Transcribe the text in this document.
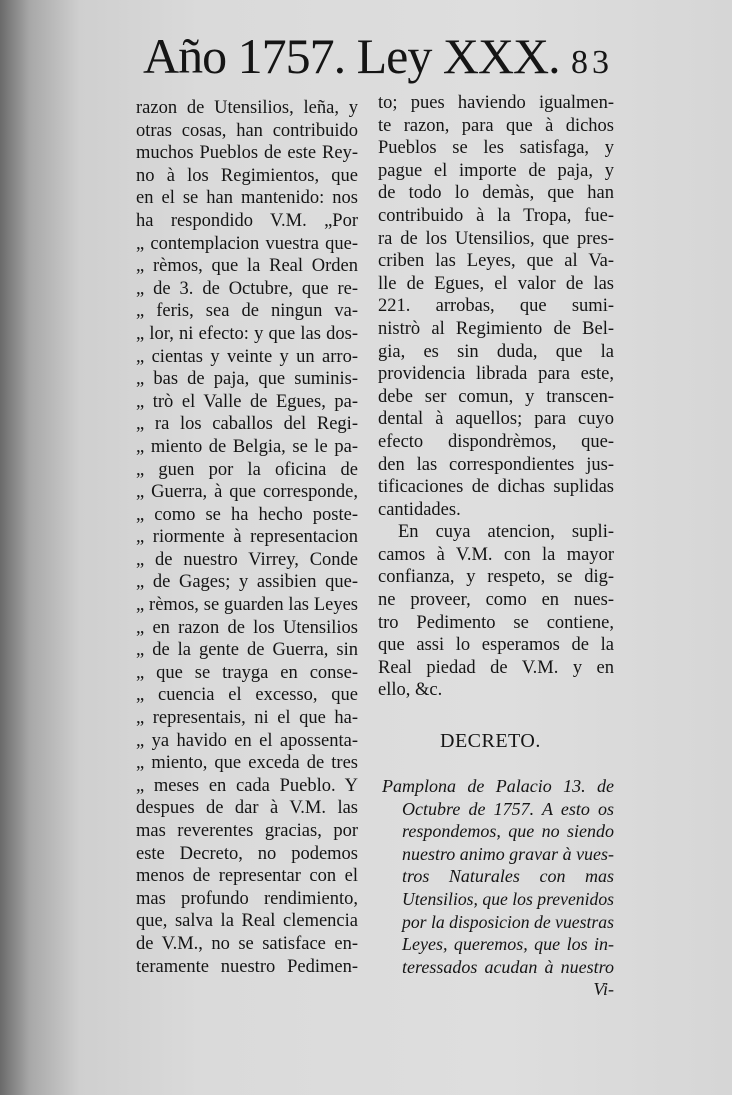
Año 1757. Ley XXX. 83
razon de Utensilios, leña, y
otras cosas, han contribuido
muchos Pueblos de este Rey-
no à los Regimientos, que
en el se han mantenido: nos
ha respondido V.M. „Por
„ contemplacion vuestra que-
„ rèmos, que la Real Orden
„ de 3. de Octubre, que re-
„ feris, sea de ningun va-
„ lor, ni efecto: y que las dos-
„ cientas y veinte y un arro-
„ bas de paja, que suminis-
„ trò el Valle de Egues, pa-
„ ra los caballos del Regi-
„ miento de Belgia, se le pa-
„ guen por la oficina de
„ Guerra, à que corresponde,
„ como se ha hecho poste-
„ riormente à representacion
„ de nuestro Virrey, Conde
„ de Gages; y assibien que-
„ rèmos, se guarden las Leyes
„ en razon de los Utensilios
„ de la gente de Guerra, sin
„ que se trayga en conse-
„ cuencia el excesso, que
„ representais, ni el que ha-
„ ya havido en el apossenta-
„ miento, que exceda de tres
„ meses en cada Pueblo. Y
despues de dar à V.M. las
mas reverentes gracias, por
este Decreto, no podemos
menos de representar con el
mas profundo rendimiento,
que, salva la Real clemencia
de V.M., no se satisface en-
teramente nuestro Pedimen-
to; pues haviendo igualmen-
te razon, para que à dichos
Pueblos se les satisfaga, y
pague el importe de paja, y
de todo lo demàs, que han
contribuido à la Tropa, fue-
ra de los Utensilios, que pres-
criben las Leyes, que al Va-
lle de Egues, el valor de las
221. arrobas, que sumi-
nistrò al Regimiento de Bel-
gia, es sin duda, que la
providencia librada para este,
debe ser comun, y transcen-
dental à aquellos; para cuyo
efecto dispondrèmos, que-
den las correspondientes jus-
tificaciones de dichas suplidas
cantidades.
En cuya atencion, supli-
camos à V.M. con la mayor
confianza, y respeto, se dig-
ne proveer, como en nues-
tro Pedimento se contiene,
que assi lo esperamos de la
Real piedad de V.M. y en
ello, &c.
DECRETO.
Pamplona de Palacio 13. de
Octubre de 1757. A esto os
respondemos, que no siendo
nuestro animo gravar à vues-
tros Naturales con mas
Utensilios, que los prevenidos
por la disposicion de vuestras
Leyes, queremos, que los in-
teressados acudan à nuestro
Vi-
